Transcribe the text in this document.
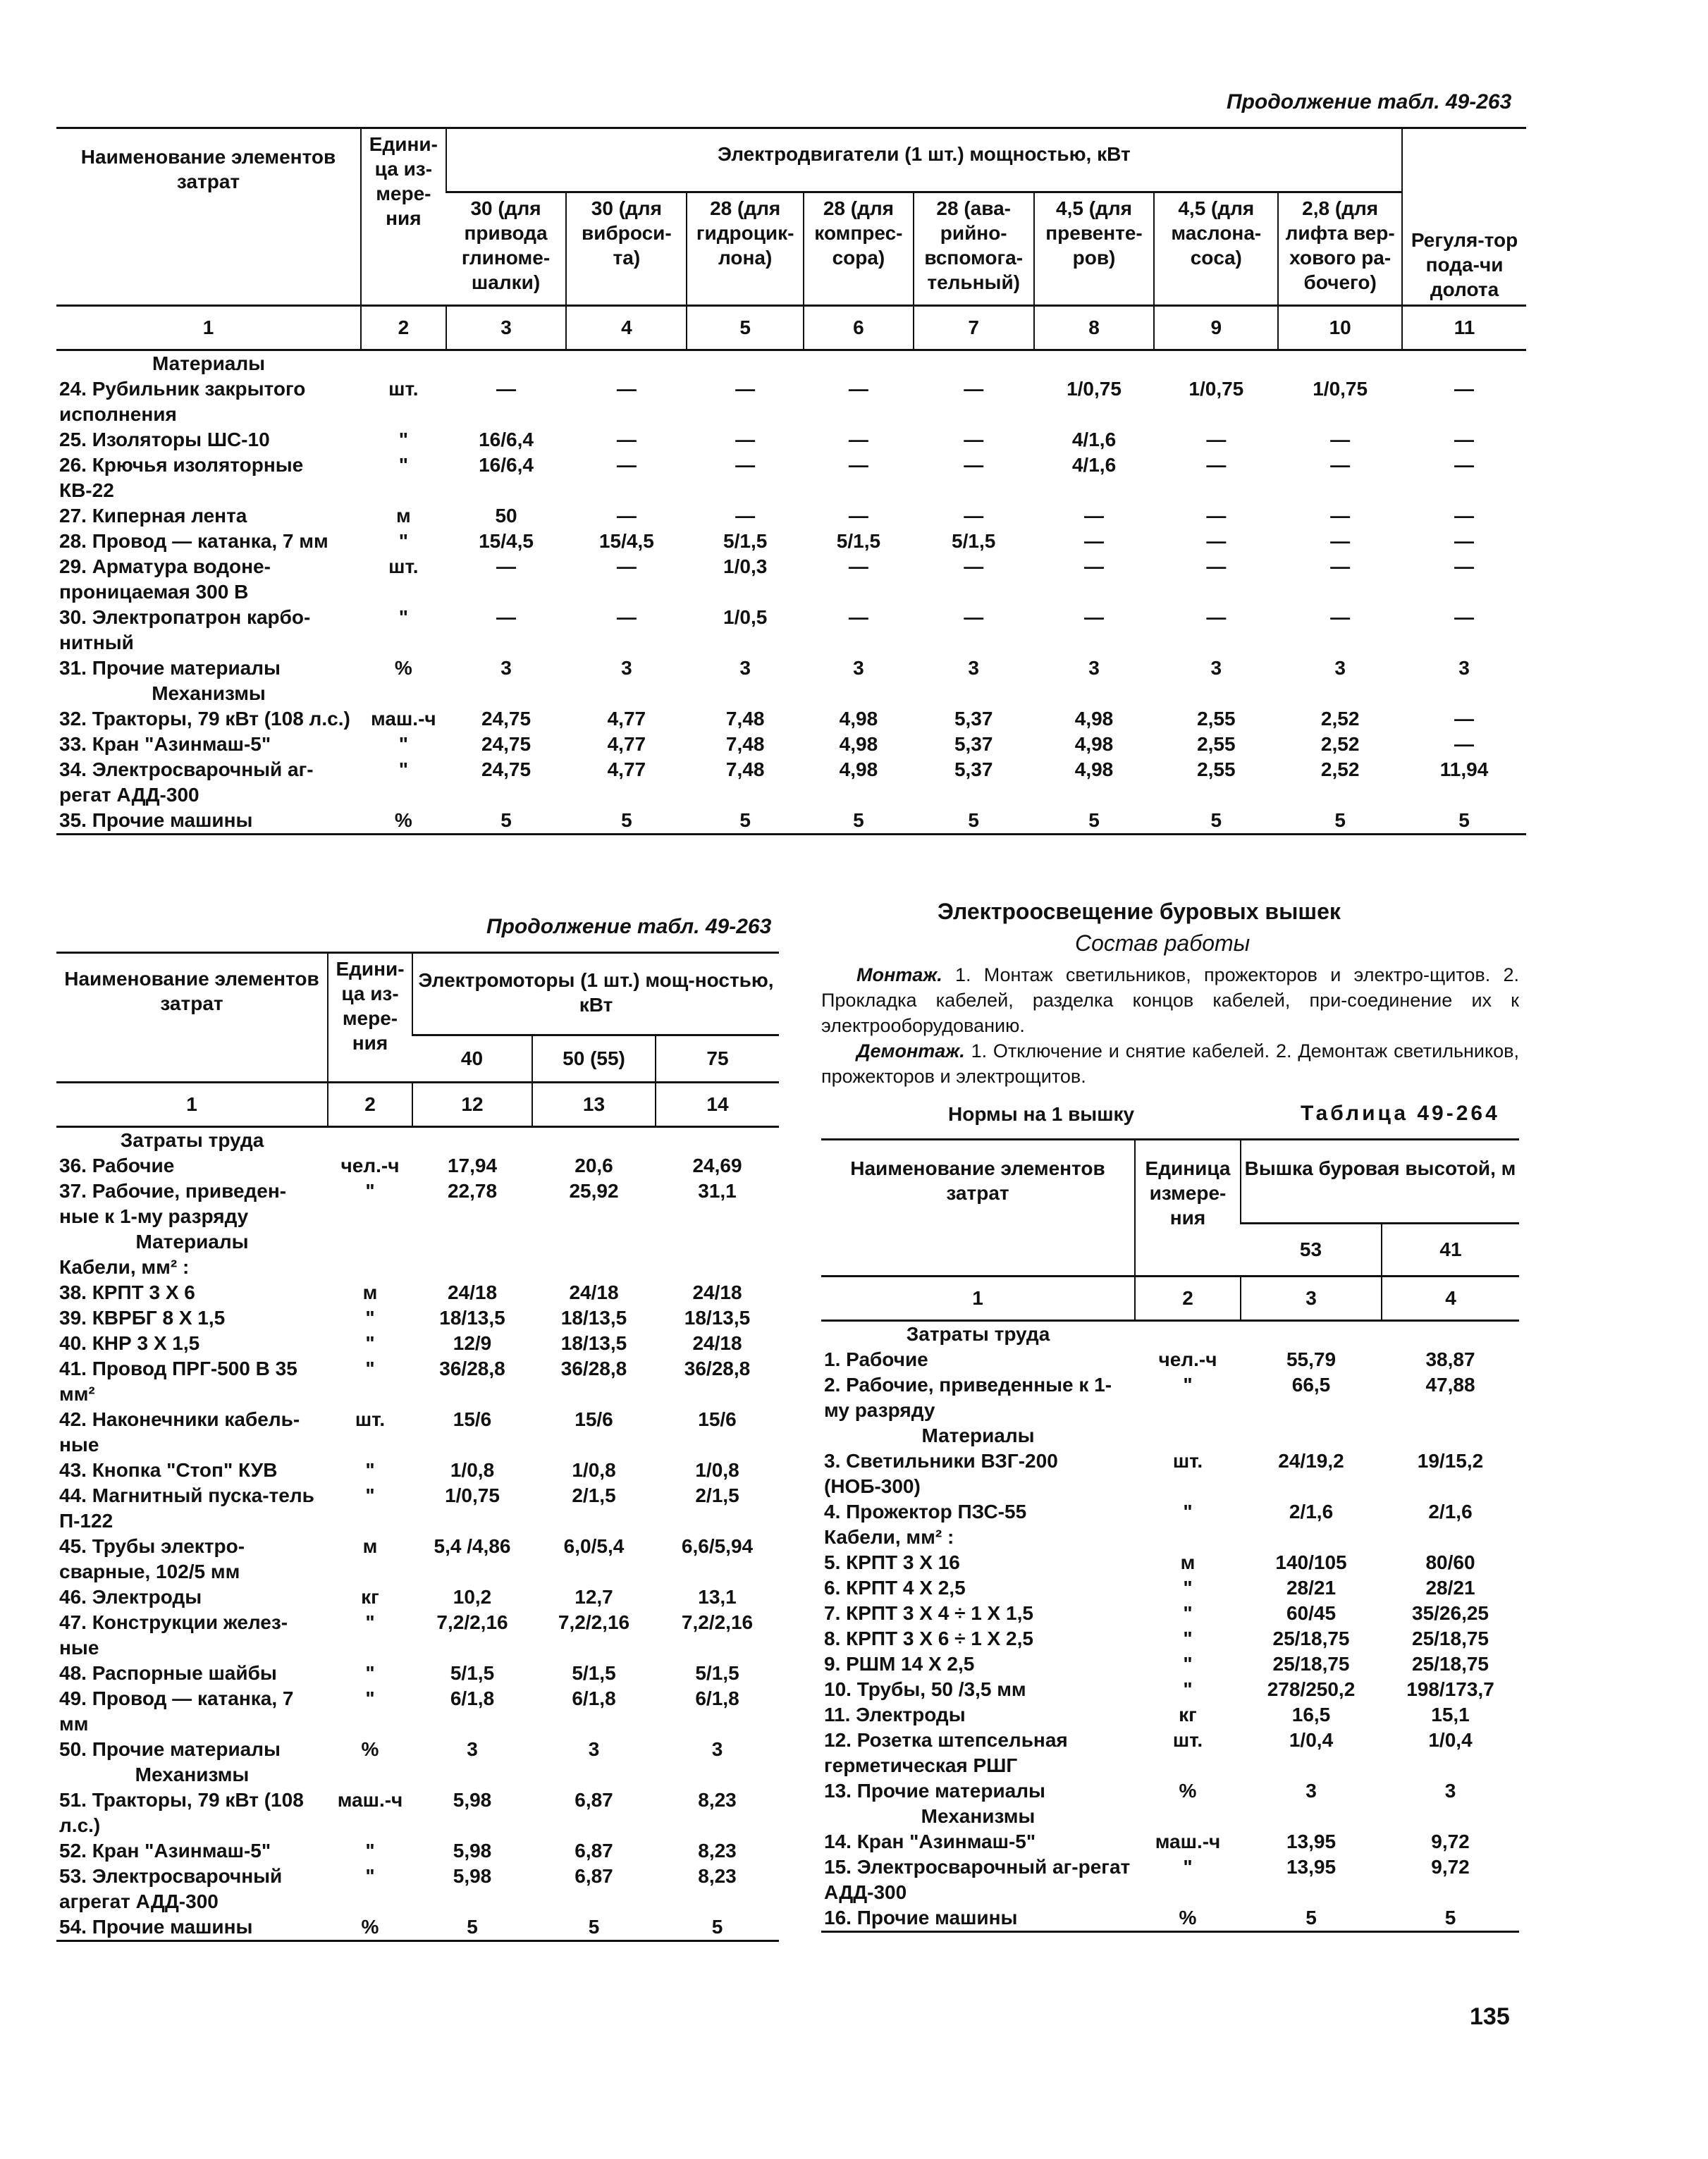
Продолжение табл. 49-263
Наименование элементов затрат	Едини-ца из-мере-ния	Электродвигатели (1 шт.) мощностью, кВт								Регуля-тор пода-чи долота
		30 (для привода глиноме-шалки)	30 (для виброси-та)	28 (для гидроцик-лона)	28 (для компрес-сора)	28 (ава-рийно-вспомога-тельный)	4,5 (для превенте-ров)	4,5 (для маслона-coca)	2,8 (для лифта вер-хового ра-бочего)	
1	2	3	4	5	6	7	8	9	10	11
Материалы										
24. Рубильник закрытого исполнения	шт.	—	—	—	—	—	1/0,75	1/0,75	1/0,75	—
25. Изоляторы ШС-10	"	16/6,4	—	—	—	—	4/1,6	—	—	—
26. Крючья изоляторные КВ-22	"	16/6,4	—	—	—	—	4/1,6	—	—	—
27. Киперная лента	м	50	—	—	—	—	—	—	—	—
28. Провод — катанка, 7 мм	"	15/4,5	15/4,5	5/1,5	5/1,5	5/1,5	—	—	—	—
29. Арматура водоне-проницаемая 300 В	шт.	—	—	1/0,3	—	—	—	—	—	—
30. Электропатрон карбо-нитный	"	—	—	1/0,5	—	—	—	—	—	—
31. Прочие материалы	%	3	3	3	3	3	3	3	3	3
Механизмы										
32. Тракторы, 79 кВт (108 л.с.)	маш.-ч	24,75	4,77	7,48	4,98	5,37	4,98	2,55	2,52	—
33. Кран "Азинмаш-5"	"	24,75	4,77	7,48	4,98	5,37	4,98	2,55	2,52	—
34. Электросварочный аг-регат АДД-300	"	24,75	4,77	7,48	4,98	5,37	4,98	2,55	2,52	11,94
35. Прочие машины	%	5	5	5	5	5	5	5	5	5
Продолжение табл. 49-263
Наименование элементов затрат	Едини-ца из-мере-ния	Электромоторы (1 шт.) мощ-ностью, кВт		
		40	50 (55)	75
1	2	12	13	14
Затраты труда				
36. Рабочие	чел.-ч	17,94	20,6	24,69
37. Рабочие, приведен-ные к 1-му разряду	"	22,78	25,92	31,1
Материалы				
Кабели, мм² :				
38. КРПТ 3 X 6	м	24/18	24/18	24/18
39. КВРБГ 8 X 1,5	"	18/13,5	18/13,5	18/13,5
40. КНР 3 X 1,5	"	12/9	18/13,5	24/18
41. Провод ПРГ-500 В 35 мм²	"	36/28,8	36/28,8	36/28,8
42. Наконечники кабель-ные	шт.	15/6	15/6	15/6
43. Кнопка "Стоп" КУВ	"	1/0,8	1/0,8	1/0,8
44. Магнитный пуска-тель П-122	"	1/0,75	2/1,5	2/1,5
45. Трубы электро-сварные, 102/5 мм	м	5,4 /4,86	6,0/5,4	6,6/5,94
46. Электроды	кг	10,2	12,7	13,1
47. Конструкции желез-ные	"	7,2/2,16	7,2/2,16	7,2/2,16
48. Распорные шайбы	"	5/1,5	5/1,5	5/1,5
49. Провод — катанка, 7 мм	"	6/1,8	6/1,8	6/1,8
50. Прочие материалы	%	3	3	3
Механизмы				
51. Тракторы, 79 кВт (108 л.с.)	маш.-ч	5,98	6,87	8,23
52. Кран "Азинмаш-5"	"	5,98	6,87	8,23
53. Электросварочный агрегат АДД-300	"	5,98	6,87	8,23
54. Прочие машины	%	5	5	5
Электроосвещение буровых вышек
Состав работы
Монтаж. 1. Монтаж светильников, прожекторов и электро-щитов. 2. Прокладка кабелей, разделка концов кабелей, при-соединение их к электрооборудованию.
Демонтаж. 1. Отключение и снятие кабелей. 2. Демонтаж светильников, прожекторов и электрощитов.
Нормы на 1 вышку	Таблица 49-264
Наименование элементов затрат	Единица измере-ния	Вышка буровая высотой, м	
		53	41
1	2	3	4
Затраты труда			
1. Рабочие	чел.-ч	55,79	38,87
2. Рабочие, приведенные к 1-му разряду	"	66,5	47,88
Материалы			
3. Светильники ВЗГ-200 (НОБ-300)	шт.	24/19,2	19/15,2
4. Прожектор ПЗС-55	"	2/1,6	2/1,6
Кабели, мм² :			
5. КРПТ 3 X 16	м	140/105	80/60
6. КРПТ 4 X 2,5	"	28/21	28/21
7. КРПТ 3 X 4 ÷ 1 X 1,5	"	60/45	35/26,25
8. КРПТ 3 X 6 ÷ 1 X 2,5	"	25/18,75	25/18,75
9. РШМ 14 X 2,5	"	25/18,75	25/18,75
10. Трубы, 50 /3,5 мм	"	278/250,2	198/173,7
11. Электроды	кг	16,5	15,1
12. Розетка штепсельная герметическая РШГ	шт.	1/0,4	1/0,4
13. Прочие материалы	%	3	3
Механизмы			
14. Кран "Азинмаш-5"	маш.-ч	13,95	9,72
15. Электросварочный аг-регат АДД-300	"	13,95	9,72
16. Прочие машины	%	5	5
135
